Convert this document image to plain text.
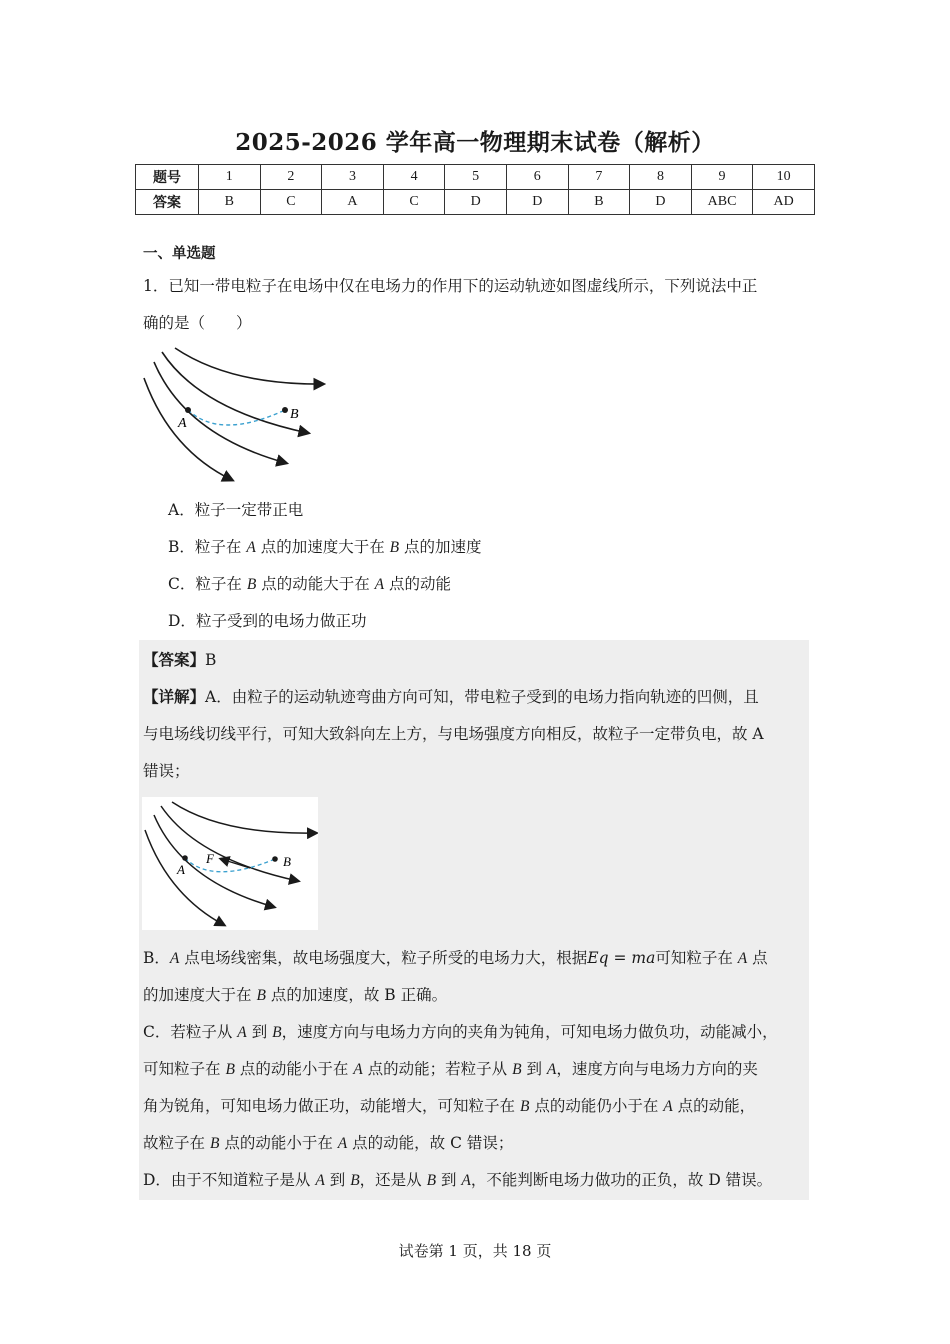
2025-2026 学年高一物理期末试卷（解析）
题号	1	2	3	4	5	6	7	8	9	10
答案	B	C	A	C	D	D	B	D	ABC	AD
一、单选题
1．已知一带电粒子在电场中仅在电场力的作用下的运动轨迹如图虚线所示，下列说法中正
确的是（　　）
A
B
A．粒子一定带正电
B．粒子在 A 点的加速度大于在 B 点的加速度
C．粒子在 B 点的动能大于在 A 点的动能
D．粒子受到的电场力做正功
【答案】B
【详解】A．由粒子的运动轨迹弯曲方向可知，带电粒子受到的电场力指向轨迹的凹侧，且
与电场线切线平行，可知大致斜向左上方，与电场强度方向相反，故粒子一定带负电，故 A
错误；
A
F	B
B．A 点电场线密集，故电场强度大，粒子所受的电场力大，根据Eq = ma可知粒子在 A 点
的加速度大于在 B 点的加速度，故 B 正确。
C．若粒子从 A 到 B，速度方向与电场力方向的夹角为钝角，可知电场力做负功，动能减小，
可知粒子在 B 点的动能小于在 A 点的动能；若粒子从 B 到 A，速度方向与电场力方向的夹
角为锐角，可知电场力做正功，动能增大，可知粒子在 B 点的动能仍小于在 A 点的动能，
故粒子在 B 点的动能小于在 A 点的动能，故 C 错误；
D．由于不知道粒子是从 A 到 B，还是从 B 到 A，不能判断电场力做功的正负，故 D 错误。
试卷第 1 页，共 18 页
